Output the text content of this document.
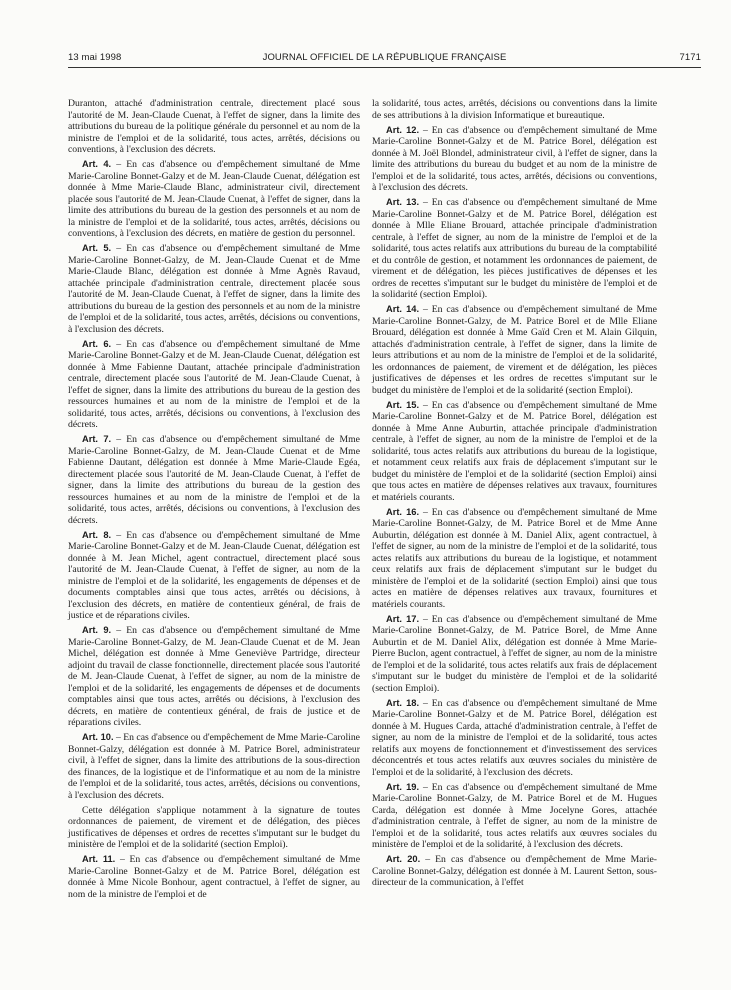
13 mai 1998	JOURNAL OFFICIEL DE LA RÉPUBLIQUE FRANÇAISE	7171

Duranton, attaché d'administration centrale, directement placé sous l'autorité de M. Jean-Claude Cuenat, à l'effet de signer, dans la limite des attributions du bureau de la politique générale du personnel et au nom de la ministre de l'emploi et de la solidarité, tous actes, arrêtés, décisions ou conventions, à l'exclusion des décrets.

Art. 4. – En cas d'absence ou d'empêchement simultané de Mme Marie-Caroline Bonnet-Galzy et de M. Jean-Claude Cuenat, délégation est donnée à Mme Marie-Claude Blanc, administrateur civil, directement placée sous l'autorité de M. Jean-Claude Cuenat, à l'effet de signer, dans la limite des attributions du bureau de la gestion des personnels et au nom de la ministre de l'emploi et de la solidarité, tous actes, arrêtés, décisions ou conventions, à l'exclusion des décrets, en matière de gestion du personnel.

Art. 5. – En cas d'absence ou d'empêchement simultané de Mme Marie-Caroline Bonnet-Galzy, de M. Jean-Claude Cuenat et de Mme Marie-Claude Blanc, délégation est donnée à Mme Agnès Ravaud, attachée principale d'administration centrale, directement placée sous l'autorité de M. Jean-Claude Cuenat, à l'effet de signer, dans la limite des attributions du bureau de la gestion des personnels et au nom de la ministre de l'emploi et de la solidarité, tous actes, arrêtés, décisions ou conventions, à l'exclusion des décrets.

Art. 6. – En cas d'absence ou d'empêchement simultané de Mme Marie-Caroline Bonnet-Galzy et de M. Jean-Claude Cuenat, délégation est donnée à Mme Fabienne Dautant, attachée principale d'administration centrale, directement placée sous l'autorité de M. Jean-Claude Cuenat, à l'effet de signer, dans la limite des attributions du bureau de la gestion des ressources humaines et au nom de la ministre de l'emploi et de la solidarité, tous actes, arrêtés, décisions ou conventions, à l'exclusion des décrets.

Art. 7. – En cas d'absence ou d'empêchement simultané de Mme Marie-Caroline Bonnet-Galzy, de M. Jean-Claude Cuenat et de Mme Fabienne Dautant, délégation est donnée à Mme Marie-Claude Egéa, directement placée sous l'autorité de M. Jean-Claude Cuenat, à l'effet de signer, dans la limite des attributions du bureau de la gestion des ressources humaines et au nom de la ministre de l'emploi et de la solidarité, tous actes, arrêtés, décisions ou conventions, à l'exclusion des décrets.

Art. 8. – En cas d'absence ou d'empêchement simultané de Mme Marie-Caroline Bonnet-Galzy et de M. Jean-Claude Cuenat, délégation est donnée à M. Jean Michel, agent contractuel, directement placé sous l'autorité de M. Jean-Claude Cuenat, à l'effet de signer, au nom de la ministre de l'emploi et de la solidarité, les engagements de dépenses et de documents comptables ainsi que tous actes, arrêtés ou décisions, à l'exclusion des décrets, en matière de contentieux général, de frais de justice et de réparations civiles.

Art. 9. – En cas d'absence ou d'empêchement simultané de Mme Marie-Caroline Bonnet-Galzy, de M. Jean-Claude Cuenat et de M. Jean Michel, délégation est donnée à Mme Geneviève Partridge, directeur adjoint du travail de classe fonctionnelle, directement placée sous l'autorité de M. Jean-Claude Cuenat, à l'effet de signer, au nom de la ministre de l'emploi et de la solidarité, les engagements de dépenses et de documents comptables ainsi que tous actes, arrêtés ou décisions, à l'exclusion des décrets, en matière de contentieux général, de frais de justice et de réparations civiles.

Art. 10. – En cas d'absence ou d'empêchement de Mme Marie-Caroline Bonnet-Galzy, délégation est donnée à M. Patrice Borel, administrateur civil, à l'effet de signer, dans la limite des attributions de la sous-direction des finances, de la logistique et de l'informatique et au nom de la ministre de l'emploi et de la solidarité, tous actes, arrêtés, décisions ou conventions, à l'exclusion des décrets.

Cette délégation s'applique notamment à la signature de toutes ordonnances de paiement, de virement et de délégation, des pièces justificatives de dépenses et ordres de recettes s'imputant sur le budget du ministère de l'emploi et de la solidarité (section Emploi).

Art. 11. – En cas d'absence ou d'empêchement simultané de Mme Marie-Caroline Bonnet-Galzy et de M. Patrice Borel, délégation est donnée à Mme Nicole Bonhour, agent contractuel, à l'effet de signer, au nom de la ministre de l'emploi et de

la solidarité, tous actes, arrêtés, décisions ou conventions dans la limite de ses attributions à la division Informatique et bureautique.

Art. 12. – En cas d'absence ou d'empêchement simultané de Mme Marie-Caroline Bonnet-Galzy et de M. Patrice Borel, délégation est donnée à M. Joël Blondel, administrateur civil, à l'effet de signer, dans la limite des attributions du bureau du budget et au nom de la ministre de l'emploi et de la solidarité, tous actes, arrêtés, décisions ou conventions, à l'exclusion des décrets.

Art. 13. – En cas d'absence ou d'empêchement simultané de Mme Marie-Caroline Bonnet-Galzy et de M. Patrice Borel, délégation est donnée à Mlle Eliane Brouard, attachée principale d'administration centrale, à l'effet de signer, au nom de la ministre de l'emploi et de la solidarité, tous actes relatifs aux attributions du bureau de la comptabilité et du contrôle de gestion, et notamment les ordonnances de paiement, de virement et de délégation, les pièces justificatives de dépenses et les ordres de recettes s'imputant sur le budget du ministère de l'emploi et de la solidarité (section Emploi).

Art. 14. – En cas d'absence ou d'empêchement simultané de Mme Marie-Caroline Bonnet-Galzy, de M. Patrice Borel et de Mlle Eliane Brouard, délégation est donnée à Mme Gaïd Cren et M. Alain Gilquin, attachés d'administration centrale, à l'effet de signer, dans la limite de leurs attributions et au nom de la ministre de l'emploi et de la solidarité, les ordonnances de paiement, de virement et de délégation, les pièces justificatives de dépenses et les ordres de recettes s'imputant sur le budget du ministère de l'emploi et de la solidarité (section Emploi).

Art. 15. – En cas d'absence ou d'empêchement simultané de Mme Marie-Caroline Bonnet-Galzy et de M. Patrice Borel, délégation est donnée à Mme Anne Auburtin, attachée principale d'administration centrale, à l'effet de signer, au nom de la ministre de l'emploi et de la solidarité, tous actes relatifs aux attributions du bureau de la logistique, et notamment ceux relatifs aux frais de déplacement s'imputant sur le budget du ministère de l'emploi et de la solidarité (section Emploi) ainsi que tous actes en matière de dépenses relatives aux travaux, fournitures et matériels courants.

Art. 16. – En cas d'absence ou d'empêchement simultané de Mme Marie-Caroline Bonnet-Galzy, de M. Patrice Borel et de Mme Anne Auburtin, délégation est donnée à M. Daniel Alix, agent contractuel, à l'effet de signer, au nom de la ministre de l'emploi et de la solidarité, tous actes relatifs aux attributions du bureau de la logistique, et notamment ceux relatifs aux frais de déplacement s'imputant sur le budget du ministère de l'emploi et de la solidarité (section Emploi) ainsi que tous actes en matière de dépenses relatives aux travaux, fournitures et matériels courants.

Art. 17. – En cas d'absence ou d'empêchement simultané de Mme Marie-Caroline Bonnet-Galzy, de M. Patrice Borel, de Mme Anne Auburtin et de M. Daniel Alix, délégation est donnée à Mme Marie-Pierre Buclon, agent contractuel, à l'effet de signer, au nom de la ministre de l'emploi et de la solidarité, tous actes relatifs aux frais de déplacement s'imputant sur le budget du ministère de l'emploi et de la solidarité (section Emploi).

Art. 18. – En cas d'absence ou d'empêchement simultané de Mme Marie-Caroline Bonnet-Galzy et de M. Patrice Borel, délégation est donnée à M. Hugues Carda, attaché d'administration centrale, à l'effet de signer, au nom de la ministre de l'emploi et de la solidarité, tous actes relatifs aux moyens de fonctionnement et d'investissement des services déconcentrés et tous actes relatifs aux œuvres sociales du ministère de l'emploi et de la solidarité, à l'exclusion des décrets.

Art. 19. – En cas d'absence ou d'empêchement simultané de Mme Marie-Caroline Bonnet-Galzy, de M. Patrice Borel et de M. Hugues Carda, délégation est donnée à Mme Jocelyne Gores, attachée d'administration centrale, à l'effet de signer, au nom de la ministre de l'emploi et de la solidarité, tous actes relatifs aux œuvres sociales du ministère de l'emploi et de la solidarité, à l'exclusion des décrets.

Art. 20. – En cas d'absence ou d'empêchement de Mme Marie-Caroline Bonnet-Galzy, délégation est donnée à M. Laurent Setton, sous-directeur de la communication, à l'effet
